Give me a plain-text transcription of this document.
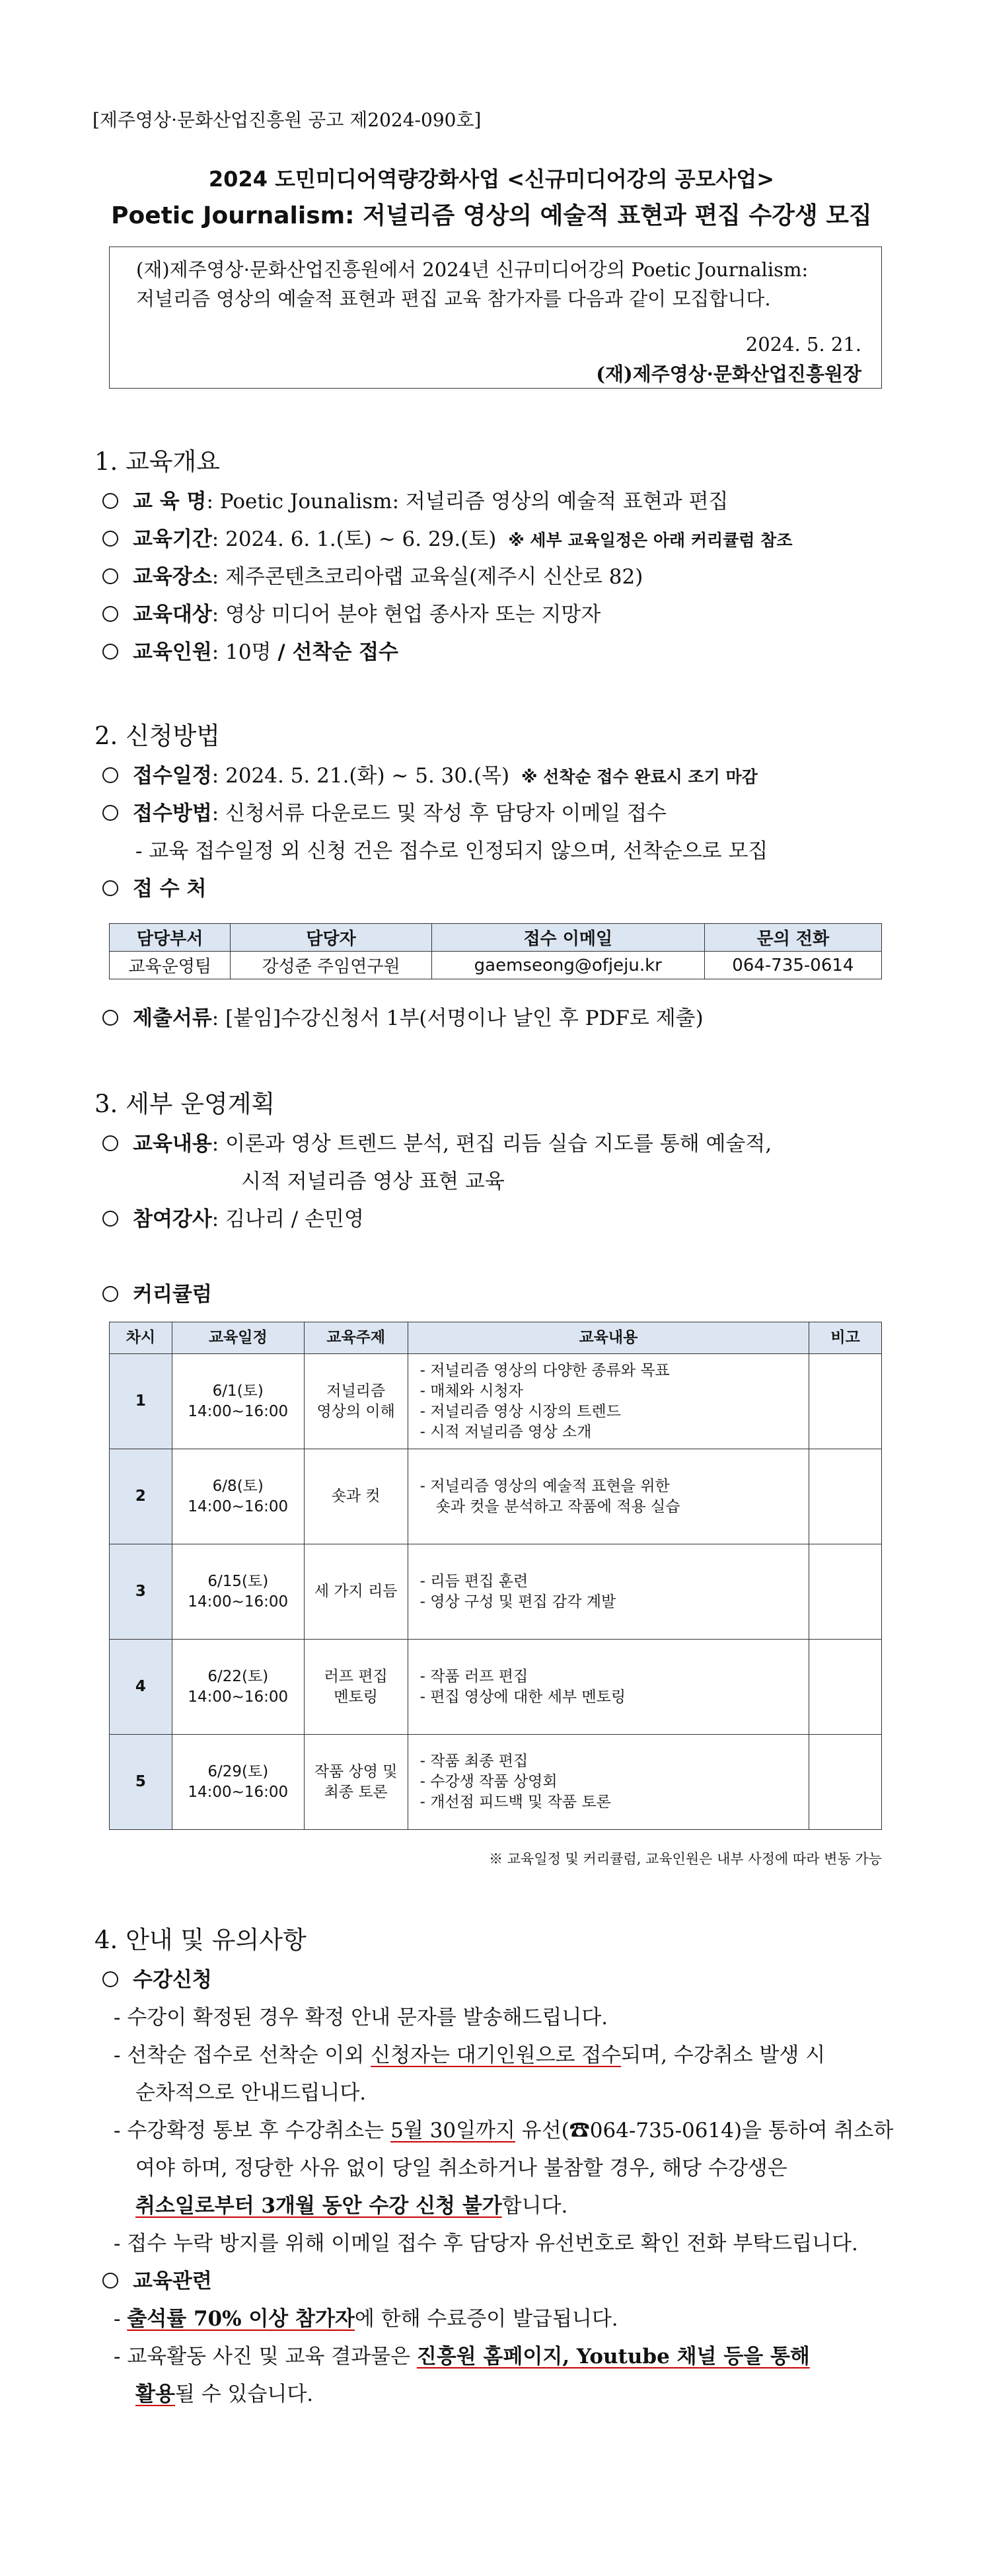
[제주영상·문화산업진흥원 공고 제2024-090호]
2024 도민미디어역량강화사업 <신규미디어강의 공모사업>
Poetic Journalism: 저널리즘 영상의 예술적 표현과 편집 수강생 모집

(재)제주영상·문화산업진흥원에서 2024년 신규미디어강의 Poetic Journalism:
저널리즘 영상의 예술적 표현과 편집 교육 참가자를 다음과 같이 모집합니다.

2024. 5. 21.
(재)제주영상·문화산업진흥원장
1. 교육개요
교 육 명: Poetic Jounalism: 저널리즘 영상의 예술적 표현과 편집
교육기간: 2024. 6. 1.(토) ~ 6. 29.(토) ※ 세부 교육일정은 아래 커리큘럼 참조
교육장소: 제주콘텐츠코리아랩 교육실(제주시 신산로 82)
교육대상: 영상 미디어 분야 현업 종사자 또는 지망자
교육인원: 10명 / 선착순 접수
2. 신청방법
접수일정: 2024. 5. 21.(화) ~ 5. 30.(목) ※ 선착순 접수 완료시 조기 마감
접수방법: 신청서류 다운로드 및 작성 후 담당자 이메일 접수
- 교육 접수일정 외 신청 건은 접수로 인정되지 않으며, 선착순으로 모집
접 수 처
담당부서	담당자	접수 이메일	문의 전화
교육운영팀	강성준 주임연구원	gaemseong@ofjeju.kr	064-735-0614
제출서류: [붙임]수강신청서 1부(서명이나 날인 후 PDF로 제출)
3. 세부 운영계획
교육내용: 이론과 영상 트렌드 분석, 편집 리듬 실습 지도를 통해 예술적,
시적 저널리즘 영상 표현 교육
참여강사: 김나리 / 손민영
커리큘럼
차시	교육일정	교육주제	교육내용	비고
1	6/1(토)
14:00~16:00	저널리즘
영상의 이해	- 저널리즘 영상의 다양한 종류와 목표
- 매체와 시청자
- 저널리즘 영상 시장의 트렌드
- 시적 저널리즘 영상 소개	

2	6/8(토)
14:00~16:00	숏과 컷	- 저널리즘 영상의 예술적 표현을 위한
숏과 컷을 분석하고 작품에 적용 실습	

3	6/15(토)
14:00~16:00	세 가지 리듬	- 리듬 편집 훈련
- 영상 구성 및 편집 감각 계발	

4	6/22(토)
14:00~16:00	러프 편집
멘토링	- 작품 러프 편집
- 편집 영상에 대한 세부 멘토링	

5	6/29(토)
14:00~16:00	작품 상영 및
최종 토론	- 작품 최종 편집
- 수강생 작품 상영회
- 개선점 피드백 및 작품 토론	

※ 교육일정 및 커리큘럼, 교육인원은 내부 사정에 따라 변동 가능
4. 안내 및 유의사항
수강신청
- 수강이 확정된 경우 확정 안내 문자를 발송해드립니다.
- 선착순 접수로 선착순 이외 신청자는 대기인원으로 접수되며, 수강취소 발생 시
순차적으로 안내드립니다.
- 수강확정 통보 후 수강취소는 5월 30일까지 유선(☎064-735-0614)을 통하여 취소하
여야 하며, 정당한 사유 없이 당일 취소하거나 불참할 경우, 해당 수강생은
취소일로부터 3개월 동안 수강 신청 불가합니다.
- 접수 누락 방지를 위해 이메일 접수 후 담당자 유선번호로 확인 전화 부탁드립니다.
교육관련
- 출석률 70% 이상 참가자에 한해 수료증이 발급됩니다.
- 교육활동 사진 및 교육 결과물은 진흥원 홈페이지, Youtube 채널 등을 통해
활용될 수 있습니다.
